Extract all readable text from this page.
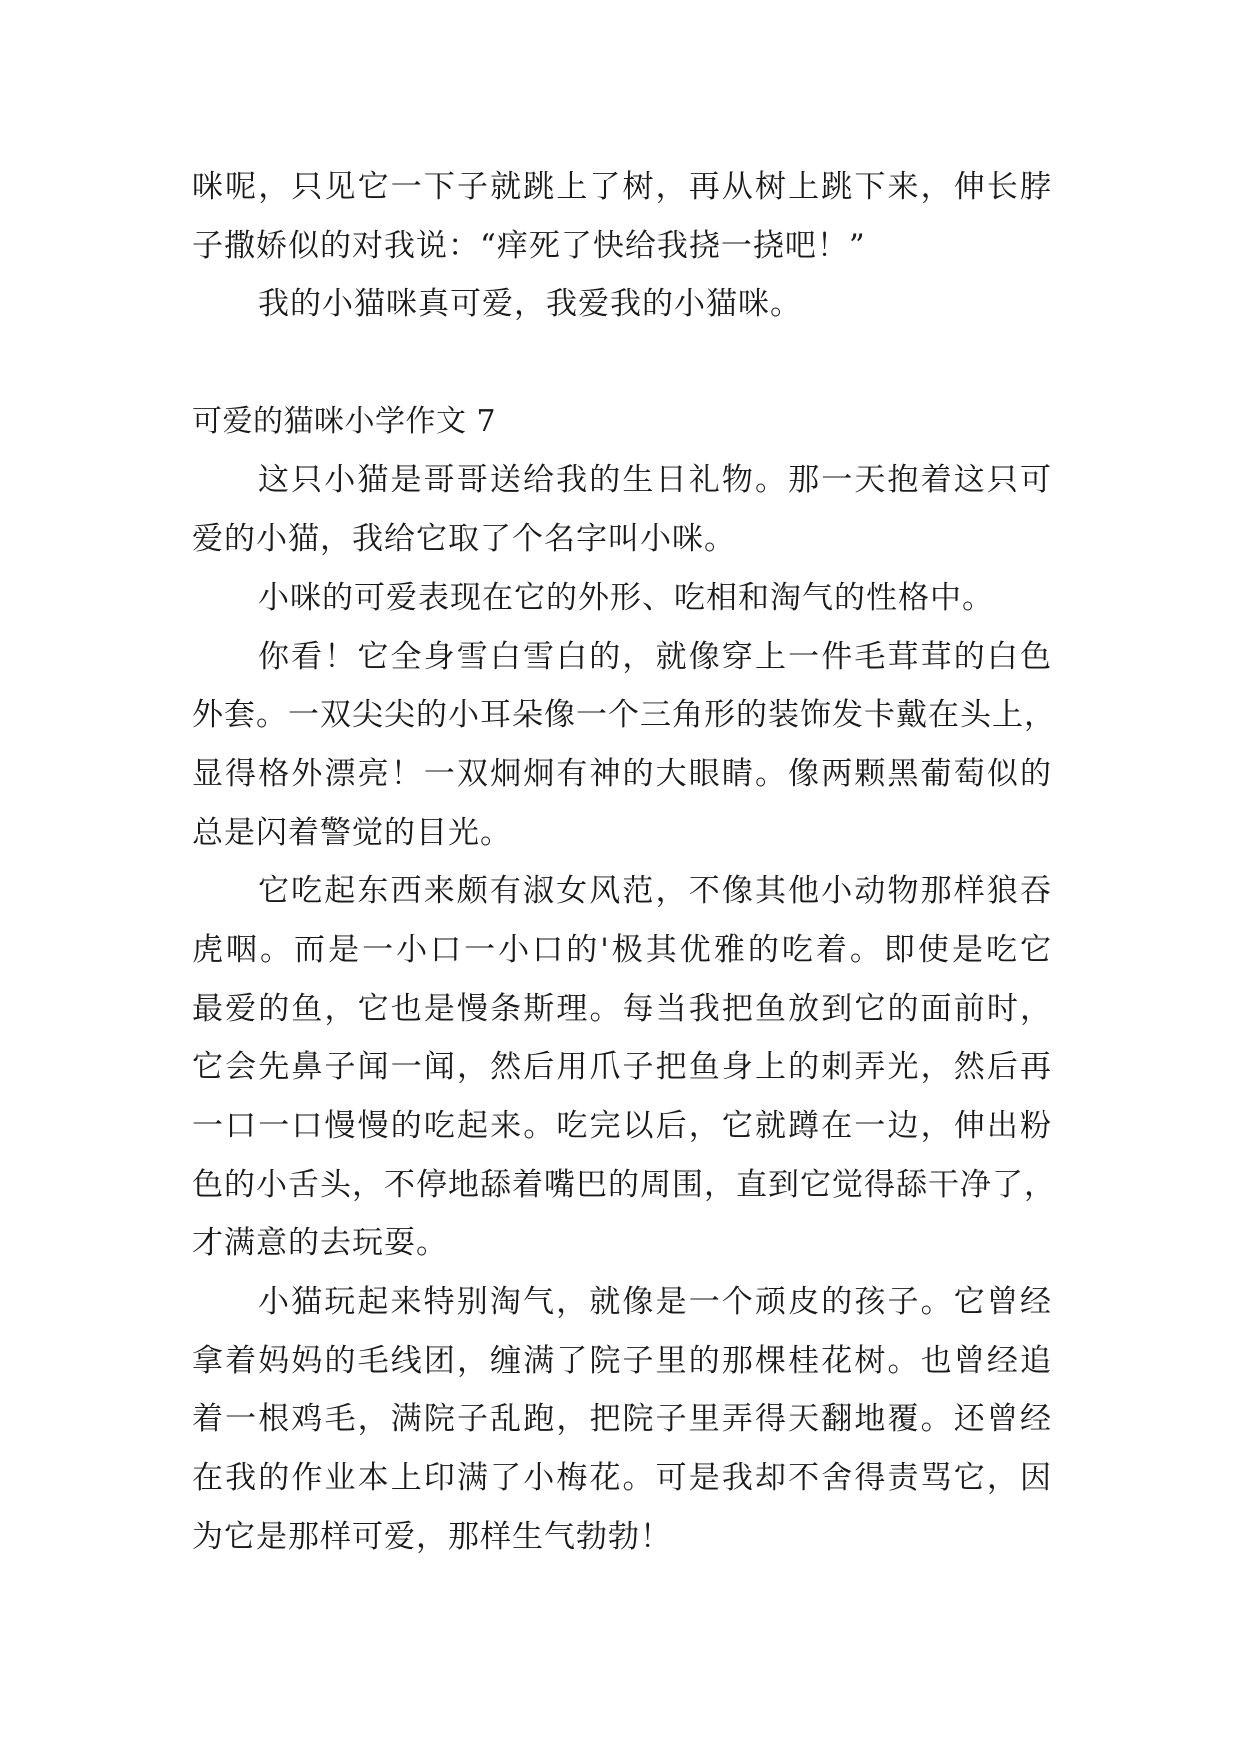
咪呢，只见它一下子就跳上了树，再从树上跳下来，伸长脖
子撒娇似的对我说：“痒死了快给我挠一挠吧！”
我的小猫咪真可爱，我爱我的小猫咪。
可爱的猫咪小学作文 7
这只小猫是哥哥送给我的生日礼物。那一天抱着这只可
爱的小猫，我给它取了个名字叫小咪。
小咪的可爱表现在它的外形、吃相和淘气的性格中。
你看！它全身雪白雪白的，就像穿上一件毛茸茸的白色
外套。一双尖尖的小耳朵像一个三角形的装饰发卡戴在头上，
显得格外漂亮！一双炯炯有神的大眼睛。像两颗黑葡萄似的
总是闪着警觉的目光。
它吃起东西来颇有淑女风范，不像其他小动物那样狼吞
虎咽。而是一小口一小口的'极其优雅的吃着。即使是吃它
最爱的鱼，它也是慢条斯理。每当我把鱼放到它的面前时，
它会先鼻子闻一闻，然后用爪子把鱼身上的刺弄光，然后再
一口一口慢慢的吃起来。吃完以后，它就蹲在一边，伸出粉
色的小舌头，不停地舔着嘴巴的周围，直到它觉得舔干净了，
才满意的去玩耍。
小猫玩起来特别淘气，就像是一个顽皮的孩子。它曾经
拿着妈妈的毛线团，缠满了院子里的那棵桂花树。也曾经追
着一根鸡毛，满院子乱跑，把院子里弄得天翻地覆。还曾经
在我的作业本上印满了小梅花。可是我却不舍得责骂它，因
为它是那样可爱，那样生气勃勃！
